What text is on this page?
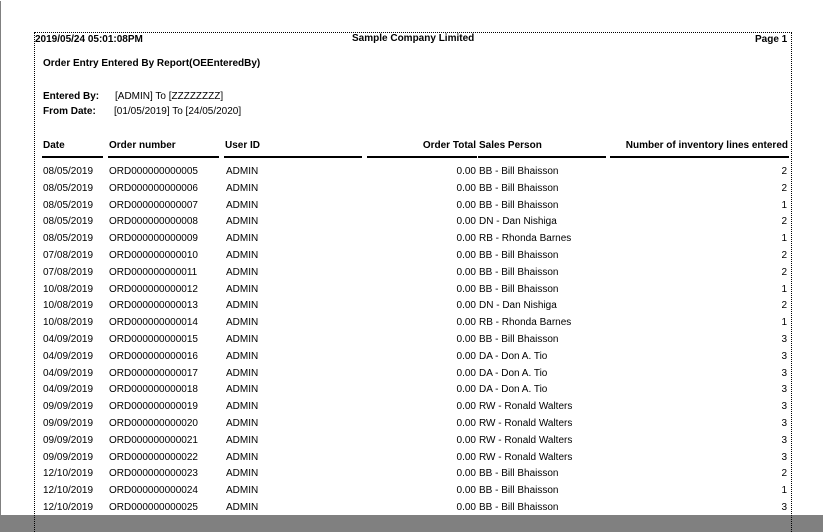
2019/05/24 05:01:08PM	Sample Company Limited	Page 1
Order Entry Entered By Report(OEEnteredBy)
Entered By: [ADMIN] To [ZZZZZZZZ]
From Date: [01/05/2019] To [24/05/2020]
Date	Order number	User ID	Order Total Sales Person	Number of inventory lines entered
08/05/2019 ORD000000000005	ADMIN	0.00 BB - Bill Bhaisson	2
08/05/2019 ORD000000000006	ADMIN	0.00 BB - Bill Bhaisson	2
08/05/2019 ORD000000000007	ADMIN	0.00 BB - Bill Bhaisson	1
08/05/2019 ORD000000000008	ADMIN	0.00 DN - Dan Nishiga	2
08/05/2019 ORD000000000009	ADMIN	0.00 RB - Rhonda Barnes	1
07/08/2019 ORD000000000010	ADMIN	0.00 BB - Bill Bhaisson	2
07/08/2019 ORD000000000011	ADMIN	0.00 BB - Bill Bhaisson	2
10/08/2019 ORD000000000012	ADMIN	0.00 BB - Bill Bhaisson	1
10/08/2019 ORD000000000013	ADMIN	0.00 DN - Dan Nishiga	2
10/08/2019 ORD000000000014	ADMIN	0.00 RB - Rhonda Barnes	1
04/09/2019 ORD000000000015	ADMIN	0.00 BB - Bill Bhaisson	3
04/09/2019 ORD000000000016	ADMIN	0.00 DA - Don A. Tio	3
04/09/2019 ORD000000000017	ADMIN	0.00 DA - Don A. Tio	3
04/09/2019 ORD000000000018	ADMIN	0.00 DA - Don A. Tio	3
09/09/2019 ORD000000000019	ADMIN	0.00 RW - Ronald Walters	3
09/09/2019 ORD000000000020	ADMIN	0.00 RW - Ronald Walters	3
09/09/2019 ORD000000000021	ADMIN	0.00 RW - Ronald Walters	3
09/09/2019 ORD000000000022	ADMIN	0.00 RW - Ronald Walters	3
12/10/2019 ORD000000000023	ADMIN	0.00 BB - Bill Bhaisson	2
12/10/2019 ORD000000000024	ADMIN	0.00 BB - Bill Bhaisson	1
12/10/2019 ORD000000000025	ADMIN	0.00 BB - Bill Bhaisson	3
